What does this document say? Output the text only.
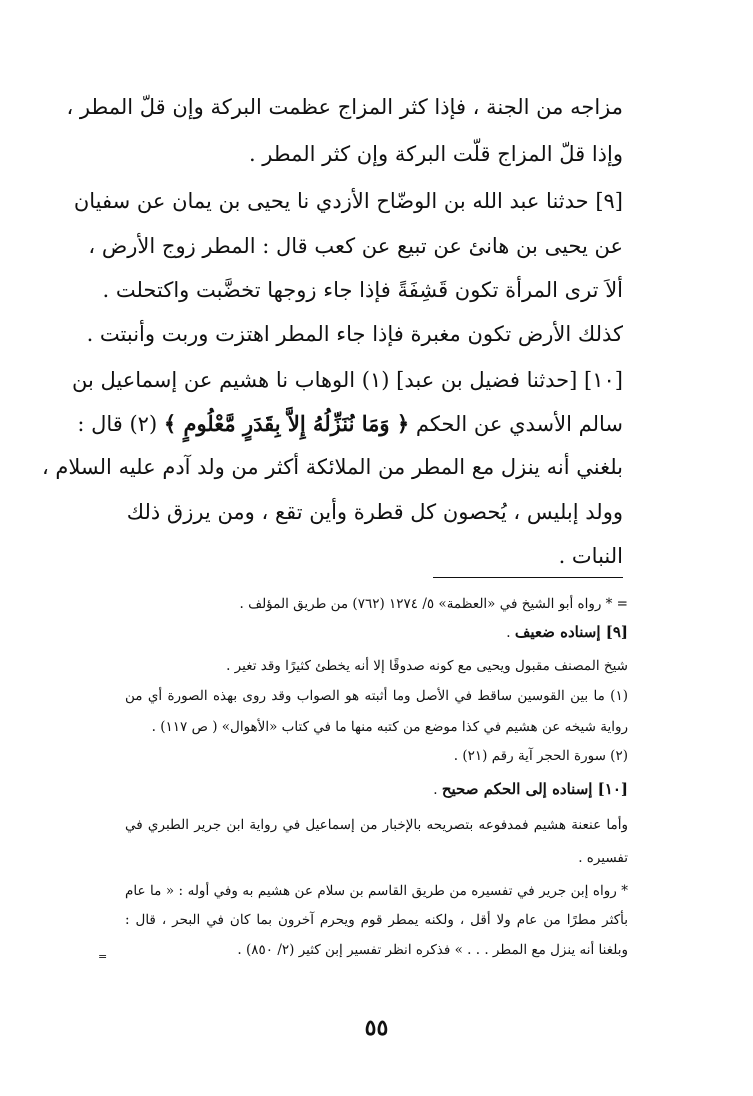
مزاجه من الجنة ، فإذا كثر المزاج عظمت البركة وإن قلّ المطر ،
وإذا قلّ المزاج قلّت البركة وإن كثر المطر .
[٩] حدثنا عبد الله بن الوضّاح الأزدي نا يحيى بن يمان عن سفيان
عن يحيى بن هانئ عن تبيع عن كعب قال : المطر زوج الأرض ،
ألاَ ترى المرأة تكون قَشِفَةً فإذا جاء زوجها تخضَّبت واكتحلت .
كذلك الأرض تكون مغبرة فإذا جاء المطر اهتزت وربت وأنبتت .
[١٠] [حدثنا فضيل بن عبد] (١) الوهاب نا هشيم عن إسماعيل بن
سالم الأسدي عن الحكم ﴿ وَمَا نُنَزِّلُهُ إِلاَّ بِقَدَرٍ مَّعْلُومٍ ﴾ (٢) قال :
بلغني أنه ينزل مع المطر من الملائكة أكثر من ولد آدم عليه السلام ،
وولد إبليس ، يُحصون كل قطرة وأين تقع ، ومن يرزق ذلك
النبات .
= * رواه أبو الشيخ في «العظمة» ٥/ ١٢٧٤ (٧٦٢) من طريق المؤلف .
[٩] إسناده ضعيف .
شيخ المصنف مقبول ويحيى مع كونه صدوقًا إلا أنه يخطئ كثيرًا وقد تغير .
(١) ما بين القوسين ساقط في الأصل وما أثبته هو الصواب وقد روى بهذه الصورة أي من
رواية شيخه عن هشيم في كذا موضع من كتبه منها ما في كتاب «الأهوال» ( ص ١١٧) .
(٢) سورة الحجر آية رقم (٢١) .
[١٠] إسناده إلى الحكم صحيح .
وأما عنعنة هشيم فمدفوعه بتصريحه بالإخبار من إسماعيل في رواية ابن جرير الطبري في
تفسيره .
* رواه إبن جرير في تفسيره من طريق القاسم بن سلام عن هشيم به وفي أوله : « ما عام
بأكثر مطرًا من عام ولا أقل ، ولكنه يمطر قوم ويحرم آخرون بما كان في البحر ، قال :
وبلغنا أنه ينزل مع المطر . . . » فذكره انظر تفسير إبن كثير (٢/ ٨٥٠) .
=
٥٥
